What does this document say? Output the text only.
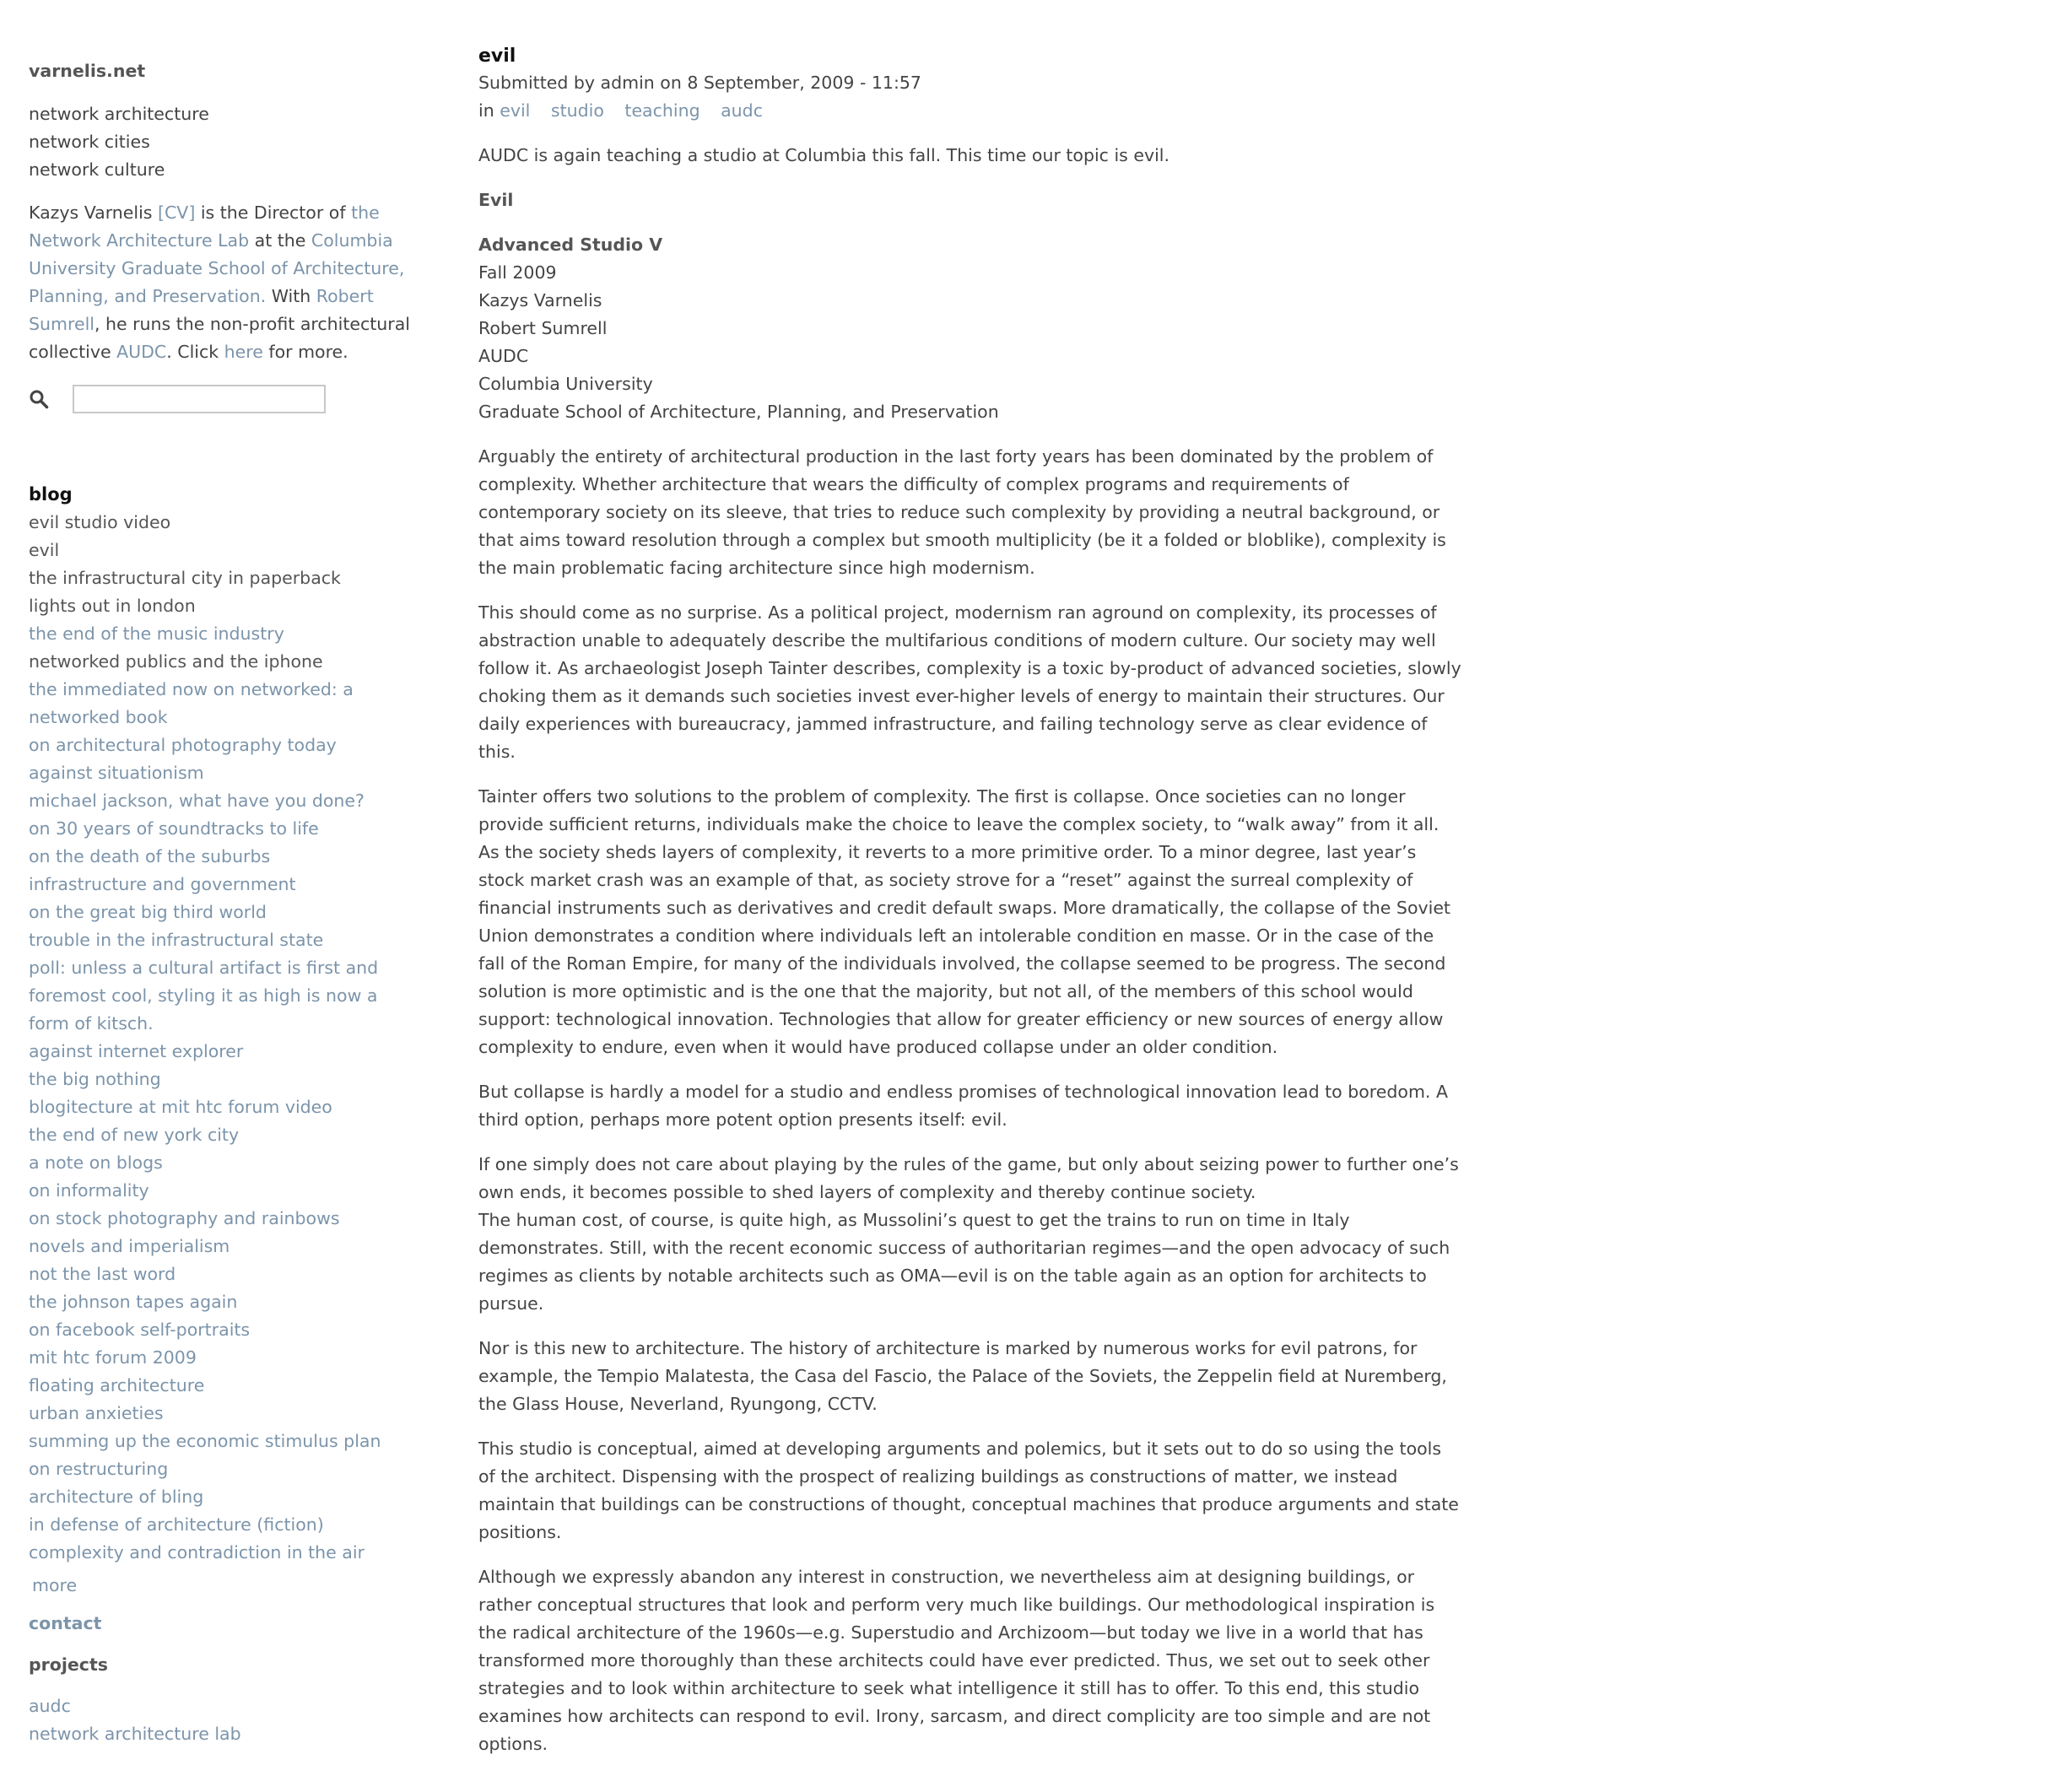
varnelis.net
network architecture
network cities
network culture
Kazys Varnelis [CV] is the Director of the Network Architecture Lab at the Columbia University Graduate School of Architecture, Planning, and Preservation. With Robert Sumrell, he runs the non-profit architectural collective AUDC. Click here for more.
blog
evil studio video
evil
the infrastructural city in paperback
lights out in london
the end of the music industry
networked publics and the iphone
the immediated now on networked: a networked book
on architectural photography today
against situationism
michael jackson, what have you done?
on 30 years of soundtracks to life
on the death of the suburbs
infrastructure and government
on the great big third world
trouble in the infrastructural state
poll: unless a cultural artifact is first and foremost cool, styling it as high is now a form of kitsch.
against internet explorer
the big nothing
blogitecture at mit htc forum video
the end of new york city
a note on blogs
on informality
on stock photography and rainbows
novels and imperialism
not the last word
the johnson tapes again
on facebook self-portraits
mit htc forum 2009
floating architecture
urban anxieties
summing up the economic stimulus plan
on restructuring
architecture of bling
in defense of architecture (fiction)
complexity and contradiction in the air
more
contact
projects
audc
network architecture lab
evil
Submitted by admin on 8 September, 2009 - 11:57
in evil studio teaching audc

AUDC is again teaching a studio at Columbia this fall. This time our topic is evil.

Evil
Advanced Studio V
Fall 2009
Kazys Varnelis
Robert Sumrell
AUDC
Columbia University
Graduate School of Architecture, Planning, and Preservation

Arguably the entirety of architectural production in the last forty years has been dominated by the problem of complexity. Whether architecture that wears the difficulty of complex programs and requirements of contemporary society on its sleeve, that tries to reduce such complexity by providing a neutral background, or that aims toward resolution through a complex but smooth multiplicity (be it a folded or bloblike), complexity is the main problematic facing architecture since high modernism.

This should come as no surprise. As a political project, modernism ran aground on complexity, its processes of abstraction unable to adequately describe the multifarious conditions of modern culture. Our society may well follow it. As archaeologist Joseph Tainter describes, complexity is a toxic by-product of advanced societies, slowly choking them as it demands such societies invest ever-higher levels of energy to maintain their structures. Our daily experiences with bureaucracy, jammed infrastructure, and failing technology serve as clear evidence of this.

Tainter offers two solutions to the problem of complexity. The first is collapse. Once societies can no longer provide sufficient returns, individuals make the choice to leave the complex society, to “walk away” from it all. As the society sheds layers of complexity, it reverts to a more primitive order. To a minor degree, last year’s stock market crash was an example of that, as society strove for a “reset” against the surreal complexity of financial instruments such as derivatives and credit default swaps. More dramatically, the collapse of the Soviet Union demonstrates a condition where individuals left an intolerable condition en masse. Or in the case of the fall of the Roman Empire, for many of the individuals involved, the collapse seemed to be progress. The second solution is more optimistic and is the one that the majority, but not all, of the members of this school would support: technological innovation. Technologies that allow for greater efficiency or new sources of energy allow complexity to endure, even when it would have produced collapse under an older condition.

But collapse is hardly a model for a studio and endless promises of technological innovation lead to boredom. A third option, perhaps more potent option presents itself: evil.

If one simply does not care about playing by the rules of the game, but only about seizing power to further one’s own ends, it becomes possible to shed layers of complexity and thereby continue society.
The human cost, of course, is quite high, as Mussolini’s quest to get the trains to run on time in Italy demonstrates. Still, with the recent economic success of authoritarian regimes—and the open advocacy of such regimes as clients by notable architects such as OMA—evil is on the table again as an option for architects to pursue.

Nor is this new to architecture. The history of architecture is marked by numerous works for evil patrons, for example, the Tempio Malatesta, the Casa del Fascio, the Palace of the Soviets, the Zeppelin field at Nuremberg, the Glass House, Neverland, Ryungong, CCTV.

This studio is conceptual, aimed at developing arguments and polemics, but it sets out to do so using the tools of the architect. Dispensing with the prospect of realizing buildings as constructions of matter, we instead maintain that buildings can be constructions of thought, conceptual machines that produce arguments and state positions.

Although we expressly abandon any interest in construction, we nevertheless aim at designing buildings, or rather conceptual structures that look and perform very much like buildings. Our methodological inspiration is the radical architecture of the 1960s—e.g. Superstudio and Archizoom—but today we live in a world that has transformed more thoroughly than these architects could have ever predicted. Thus, we set out to seek other strategies and to look within architecture to seek what intelligence it still has to offer. To this end, this studio examines how architects can respond to evil. Irony, sarcasm, and direct complicity are too simple and are not options.
